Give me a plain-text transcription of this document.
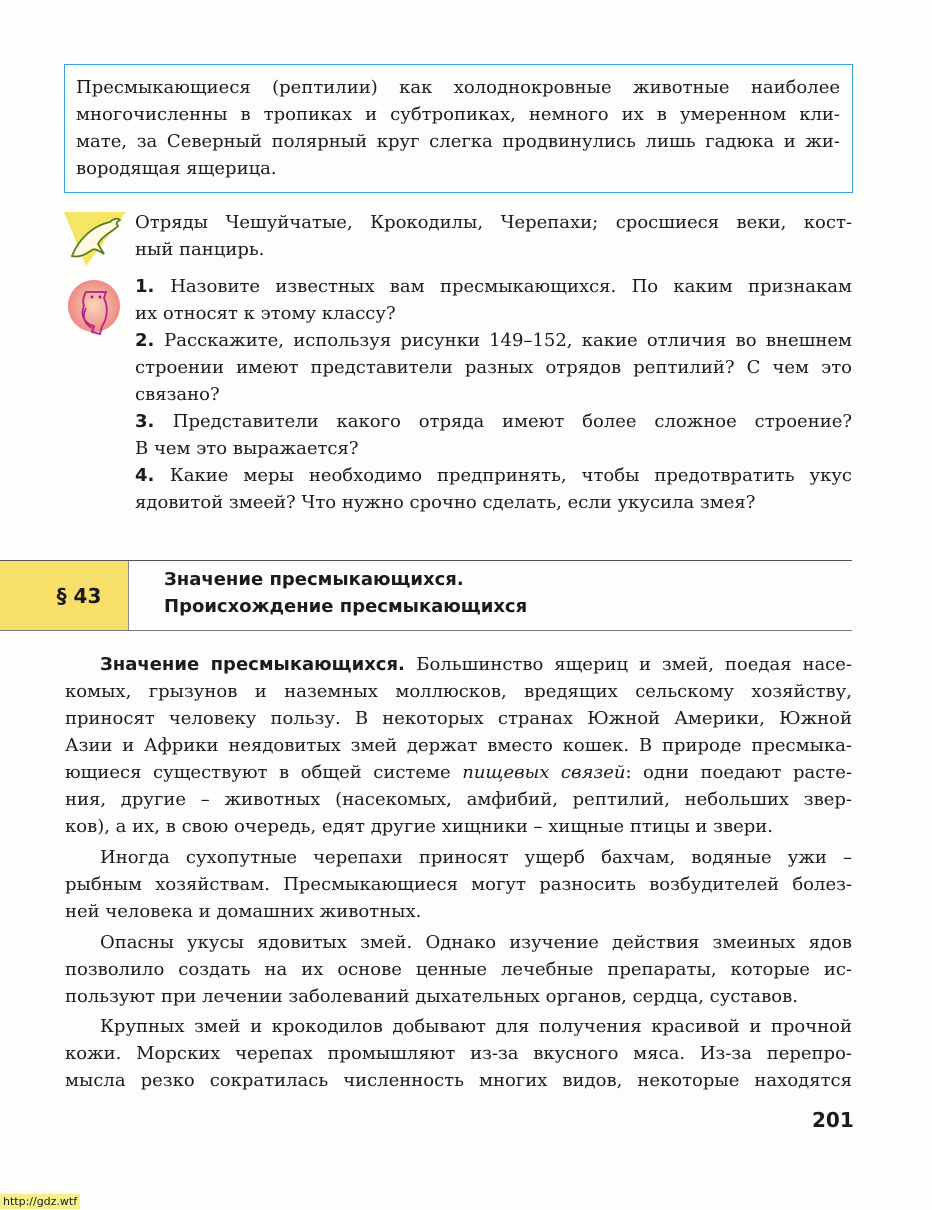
§ 43
Значение пресмыкающихся.
Происхождение пресмыкающихся
201
http://gdz.wtf
Пресмыкающиеся (рептилии) как холоднокровные животные наиболее
многочисленны в тропиках и субтропиках, немного их в умеренном кли-
мате, за Северный полярный круг слегка продвинулись лишь гадюка и жи-
вородящая ящерица.
Отряды Чешуйчатые, Крокодилы, Черепахи; сросшиеся веки, кост-
ный панцирь.
1. Назовите известных вам пресмыкающихся. По каким признакам
их относят к этому классу?
2. Расскажите, используя рисунки 149–152, какие отличия во внешнем
строении имеют представители разных отрядов рептилий? С чем это
связано?
3. Представители какого отряда имеют более сложное строение?
В чем это выражается?
4. Какие меры необходимо предпринять, чтобы предотвратить укус
ядовитой змеей? Что нужно срочно сделать, если укусила змея?
Значение пресмыкающихся. Большинство ящериц и змей, поедая насе-
комых, грызунов и наземных моллюсков, вредящих сельскому хозяйству,
приносят человеку пользу. В некоторых странах Южной Америки, Южной
Азии и Африки неядовитых змей держат вместо кошек. В природе пресмыка-
ющиеся существуют в общей системе пищевых связей: одни поедают расте-
ния, другие – животных (насекомых, амфибий, рептилий, небольших звер-
ков), а их, в свою очередь, едят другие хищники – хищные птицы и звери.
Иногда сухопутные черепахи приносят ущерб бахчам, водяные ужи –
рыбным хозяйствам. Пресмыкающиеся могут разносить возбудителей болез-
ней человека и домашних животных.
Опасны укусы ядовитых змей. Однако изучение действия змеиных ядов
позволило создать на их основе ценные лечебные препараты, которые ис-
пользуют при лечении заболеваний дыхательных органов, сердца, суставов.
Крупных змей и крокодилов добывают для получения красивой и прочной
кожи. Морских черепах промышляют из-за вкусного мяса. Из-за перепро-
мысла резко сократилась численность многих видов, некоторые находятся
